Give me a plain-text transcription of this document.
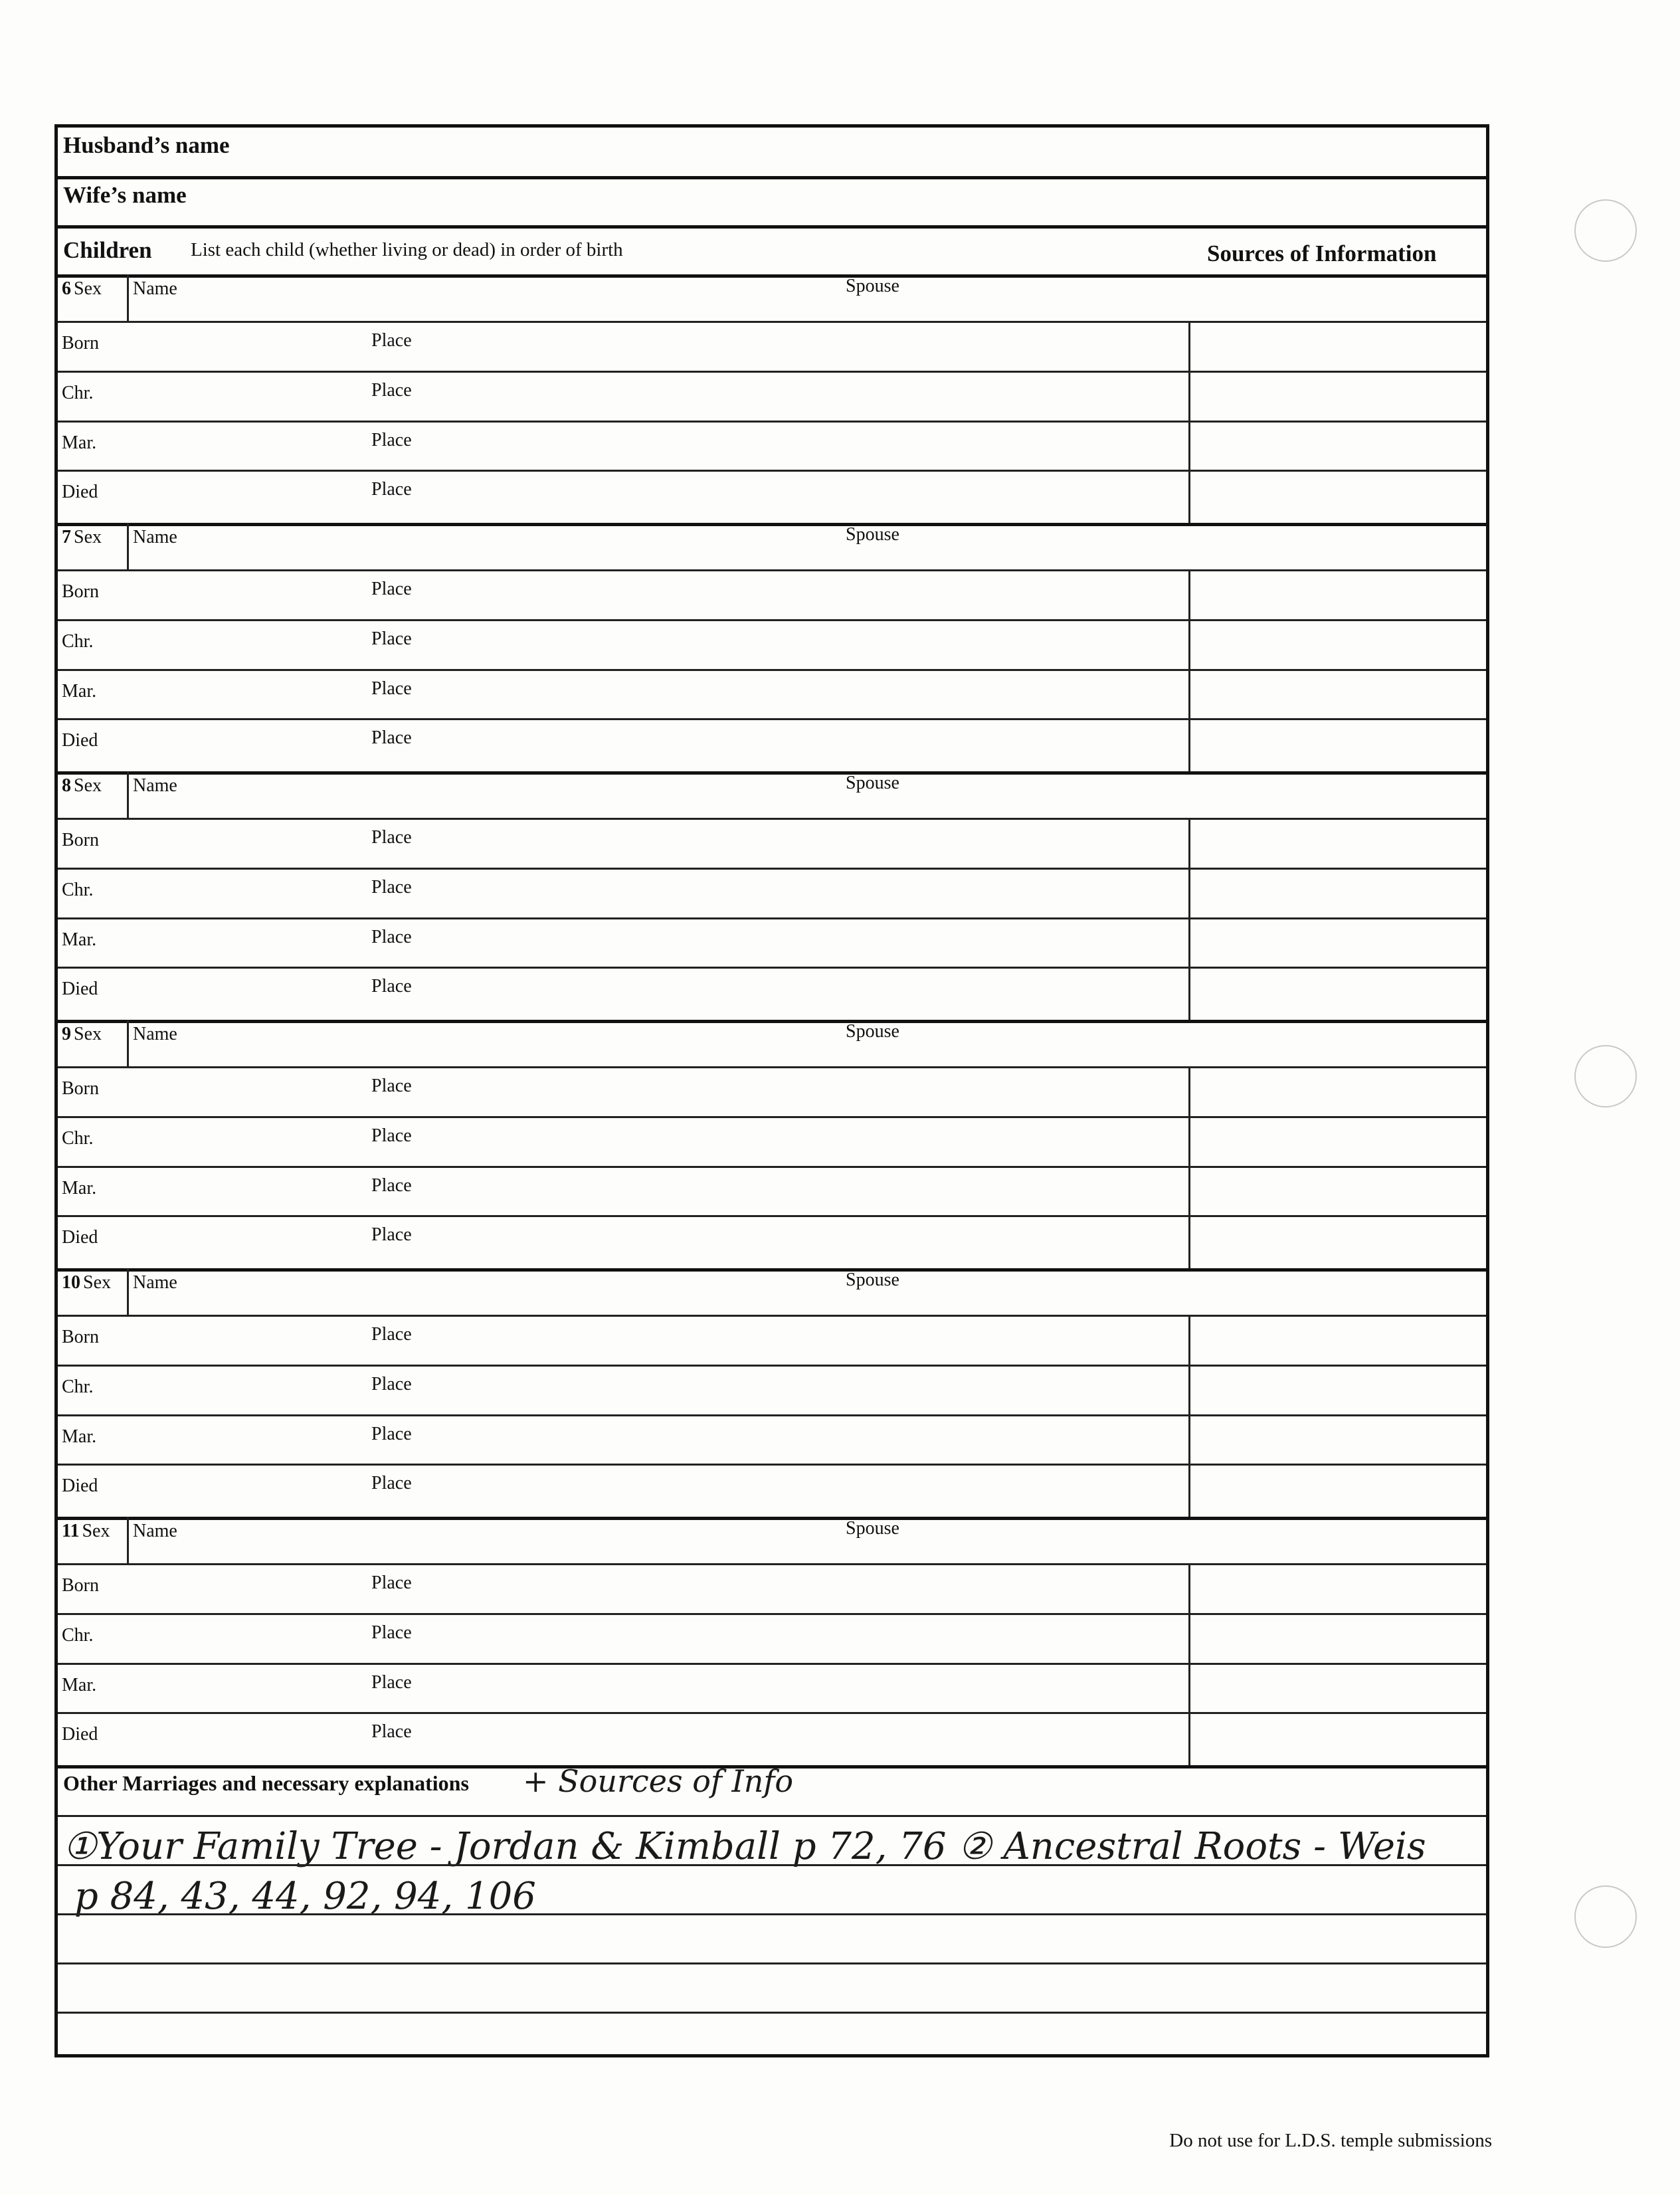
Husband’s name
Wife’s name
Children List each child (whether living or dead) in order of birth	Sources of Information
6 Sex Name	Spouse
Born	Place
Chr.	Place
Mar.	Place
Died	Place
7 Sex Name	Spouse
Born	Place
Chr.	Place
Mar.	Place
Died	Place
8 Sex Name	Spouse
Born	Place
Chr.	Place
Mar.	Place
Died	Place
9 Sex Name	Spouse
Born	Place
Chr.	Place
Mar.	Place
Died	Place
10 Sex Name	Spouse
Born	Place
Chr.	Place
Mar.	Place
Died	Place
11 Sex Name	Spouse
Born	Place
Chr.	Place
Mar.	Place
Died	Place
Other Marriages and necessary explanations + Sources of Info
①Your Family Tree - Jordan & Kimball p 72, 76 ② Ancestral Roots - Weis
p 84, 43, 44, 92, 94, 106
Do not use for L.D.S. temple submissions
